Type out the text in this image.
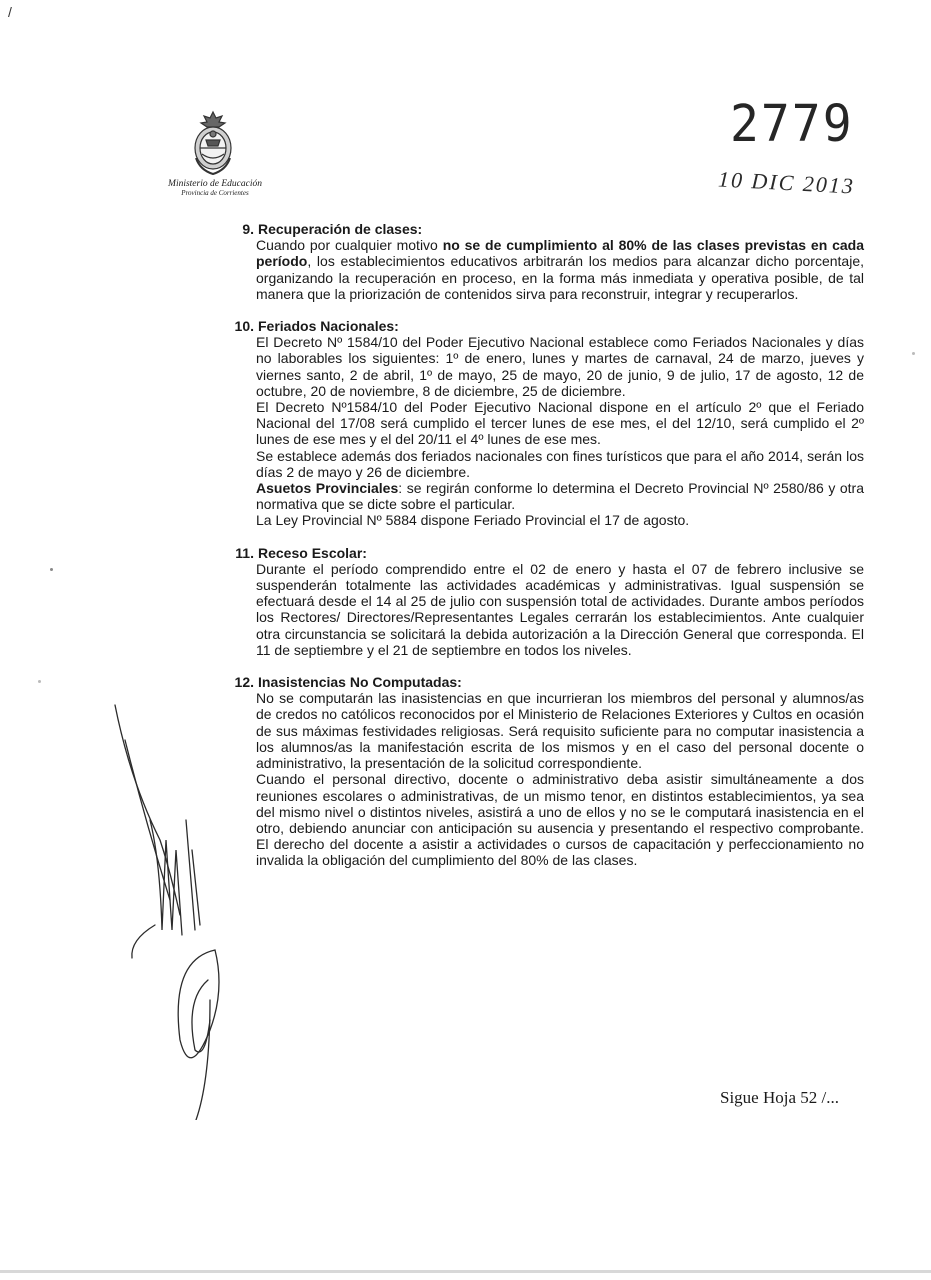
/
Ministerio de Educación
Provincia de Corrientes
2779
10 DIC 2013
9. Recuperación de clases:

Cuando por cualquier motivo no se de cumplimiento al 80% de las clases previstas en cada período, los establecimientos educativos arbitrarán los medios para alcanzar dicho porcentaje, organizando la recuperación en proceso, en la forma más inmediata y operativa posible, de tal manera que la priorización de contenidos sirva para reconstruir, integrar y recuperarlos.

10. Feriados Nacionales:

El Decreto Nº 1584/10 del Poder Ejecutivo Nacional establece como Feriados Nacionales y días no laborables los siguientes: 1º de enero, lunes y martes de carnaval, 24 de marzo, jueves y viernes santo, 2 de abril, 1º de mayo, 25 de mayo, 20 de junio, 9 de julio, 17 de agosto, 12 de octubre, 20 de noviembre, 8 de diciembre, 25 de diciembre.

El Decreto Nº1584/10 del Poder Ejecutivo Nacional dispone en el artículo 2º que el Feriado Nacional del 17/08 será cumplido el tercer lunes de ese mes, el del 12/10, será cumplido el 2º lunes de ese mes y el del 20/11 el 4º lunes de ese mes.

Se establece además dos feriados nacionales con fines turísticos que para el año 2014, serán los días 2 de mayo y 26 de diciembre.

Asuetos Provinciales: se regirán conforme lo determina el Decreto Provincial Nº 2580/86 y otra normativa que se dicte sobre el particular.

La Ley Provincial Nº 5884 dispone Feriado Provincial el 17 de agosto.

11. Receso Escolar:

Durante el período comprendido entre el 02 de enero y hasta el 07 de febrero inclusive se suspenderán totalmente las actividades académicas y administrativas. Igual suspensión se efectuará desde el 14 al 25 de julio con suspensión total de actividades. Durante ambos períodos los Rectores/ Directores/Representantes Legales cerrarán los establecimientos. Ante cualquier otra circunstancia se solicitará la debida autorización a la Dirección General que corresponda. El 11 de septiembre y el 21 de septiembre en todos los niveles.

12. Inasistencias No Computadas:

No se computarán las inasistencias en que incurrieran los miembros del personal y alumnos/as de credos no católicos reconocidos por el Ministerio de Relaciones Exteriores y Cultos en ocasión de sus máximas festividades religiosas. Será requisito suficiente para no computar inasistencia a los alumnos/as la manifestación escrita de los mismos y en el caso del personal docente o administrativo, la presentación de la solicitud correspondiente.

Cuando el personal directivo, docente o administrativo deba asistir simultáneamente a dos reuniones escolares o administrativas, de un mismo tenor, en distintos establecimientos, ya sea del mismo nivel o distintos niveles, asistirá a uno de ellos y no se le computará inasistencia en el otro, debiendo anunciar con anticipación su ausencia y presentando el respectivo comprobante. El derecho del docente a asistir a actividades o cursos de capacitación y perfeccionamiento no invalida la obligación del cumplimiento del 80% de las clases.

Sigue Hoja 52 /...
